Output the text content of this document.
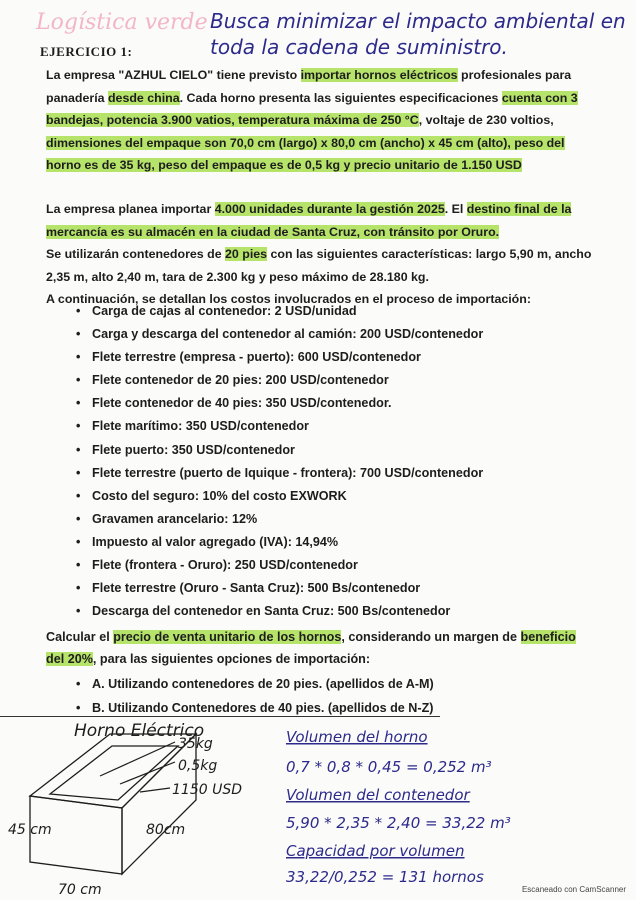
Logística verde Busca minimizar el impacto ambiental en toda la cadena de suministro.
EJERCICIO 1:
La empresa "AZHUL CIELO" tiene previsto importar hornos eléctricos profesionales para panadería desde china. Cada horno presenta las siguientes especificaciones cuenta con 3 bandejas, potencia 3.900 vatios, temperatura máxima de 250 °C, voltaje de 230 voltios, dimensiones del empaque son 70,0 cm (largo) x 80,0 cm (ancho) x 45 cm (alto), peso del horno es de 35 kg, peso del empaque es de 0,5 kg y precio unitario de 1.150 USD
La empresa planea importar 4.000 unidades durante la gestión 2025. El destino final de la mercancía es su almacén en la ciudad de Santa Cruz, con tránsito por Oruro.
Se utilizarán contenedores de 20 pies con las siguientes características: largo 5,90 m, ancho 2,35 m, alto 2,40 m, tara de 2.300 kg y peso máximo de 28.180 kg.
A continuación, se detallan los costos involucrados en el proceso de importación:
• Carga de cajas al contenedor: 2 USD/unidad
• Carga y descarga del contenedor al camión: 200 USD/contenedor
• Flete terrestre (empresa - puerto): 600 USD/contenedor
• Flete contenedor de 20 pies: 200 USD/contenedor
• Flete contenedor de 40 pies: 350 USD/contenedor.
• Flete marítimo: 350 USD/contenedor
• Flete puerto: 350 USD/contenedor
• Flete terrestre (puerto de Iquique - frontera): 700 USD/contenedor
• Costo del seguro: 10% del costo EXWORK
• Gravamen arancelario: 12%
• Impuesto al valor agregado (IVA): 14,94%
• Flete (frontera - Oruro): 250 USD/contenedor
• Flete terrestre (Oruro - Santa Cruz): 500 Bs/contenedor
• Descarga del contenedor en Santa Cruz: 500 Bs/contenedor
Calcular el precio de venta unitario de los hornos, considerando un margen de beneficio del 20%, para las siguientes opciones de importación:
• A. Utilizando contenedores de 20 pies. (apellidos de A-M)
• B. Utilizando Contenedores de 40 pies. (apellidos de N-Z)
Horno Eléctrico
35kg
0,5kg
1150 USD
45 cm	80cm
70 cm
Volumen del horno
0,7 * 0,8 * 0,45 = 0,252 m³
Volumen del contenedor
5,90 * 2,35 * 2,40 = 33,22 m³
Capacidad por volumen
33,22/0,252 = 131 hornos
Escaneado con CamScanner
